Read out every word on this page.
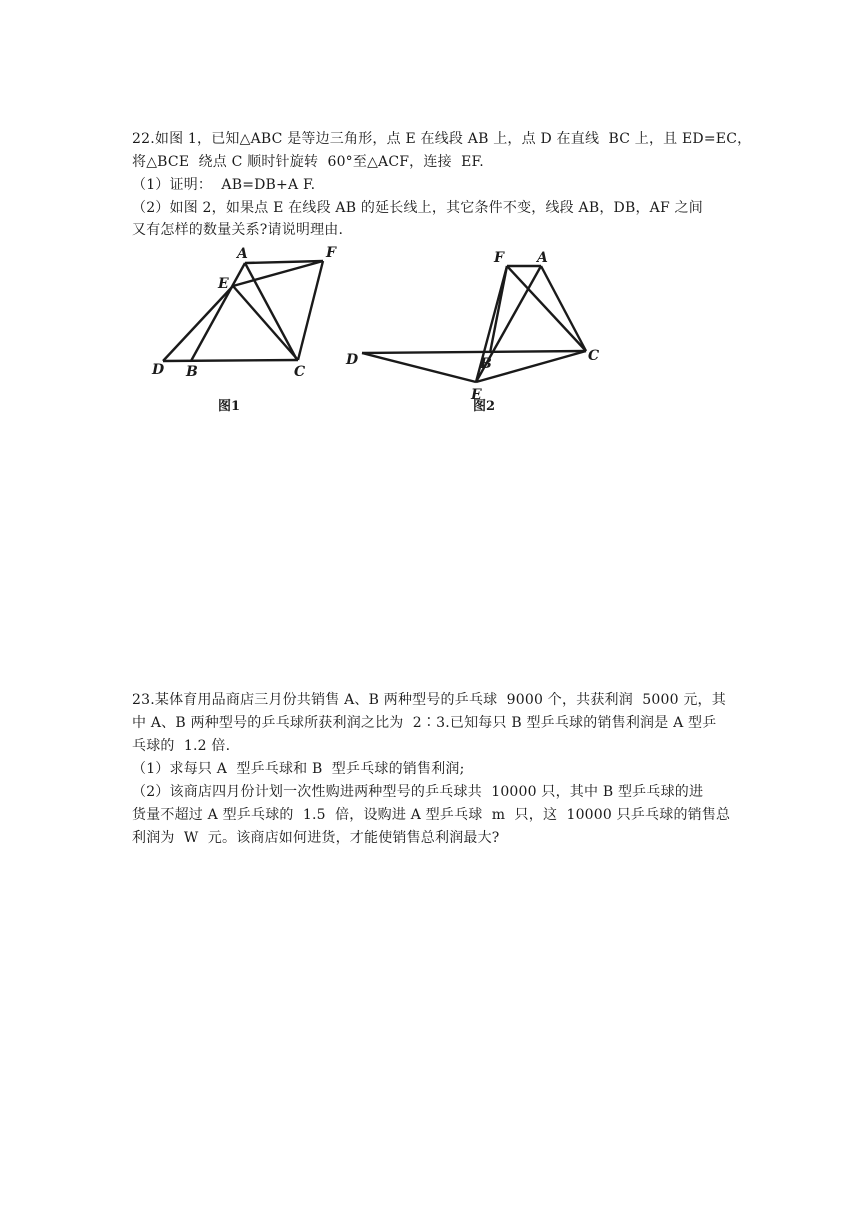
22.如图 1，已知△ABC 是等边三角形，点 E 在线段 AB 上，点 D 在直线  BC 上，且 ED=EC，
将△BCE  绕点 C 顺时针旋转  60°至△ACF，连接  EF.
（1）证明：  AB=DB+A F.
（2）如图 2，如果点 E 在线段 AB 的延长线上，其它条件不变，线段 AB，DB，AF 之间
又有怎样的数量关系?请说明理由.
A	F
E
D B	C
图1
F A
D	B	C
E
图2
23.某体育用品商店三月份共销售 A、B 两种型号的乒乓球  9000 个，共获利润  5000 元，其
中 A、B 两种型号的乒乓球所获利润之比为  2∶3.已知每只 B 型乒乓球的销售利润是 A 型乒
乓球的  1.2 倍.
（1）求每只 A  型乒乓球和 B  型乒乓球的销售利润;
（2）该商店四月份计划一次性购进两种型号的乒乓球共  10000 只，其中 B 型乒乓球的进
货量不超过 A 型乒乓球的  1.5  倍，设购进 A 型乒乓球  m  只，这  10000 只乒乓球的销售总
利润为  W  元。该商店如何进货，才能使销售总利润最大?
